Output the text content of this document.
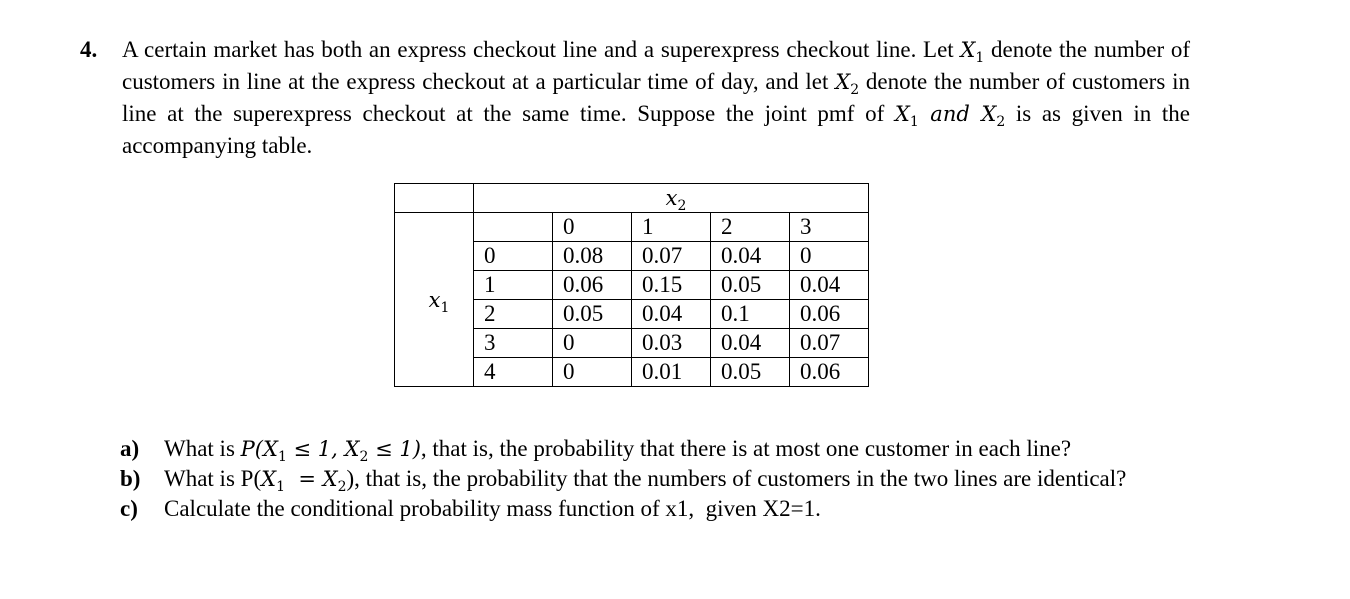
4. A certain market has both an express checkout line and a superexpress checkout line. Let $X_1$ denote the number of customers in line at the express checkout at a particular time of day, and let $X_2$ denote the number of customers in line at the superexpress checkout at the same time. Suppose the joint pmf of $X_1$ and $X_2$ is as given in the accompanying table.
	$x_2$
$x_1$		0	1	2	3
	0	0.08	0.07	0.04	0
	1	0.06	0.15	0.05	0.04
	2	0.05	0.04	0.1	0.06
	3	0	0.03	0.04	0.07
	4	0	0.01	0.05	0.06
a) What is $P(X_1 \le 1$, $X_2 \le 1$), that is, the probability that there is at most one customer in each line?
b) What is $P(X_1 = X_2)$, that is, the probability that the numbers of customers in the two lines are identical?
c) Calculate the conditional probability mass function of x1,  given X2=1.
